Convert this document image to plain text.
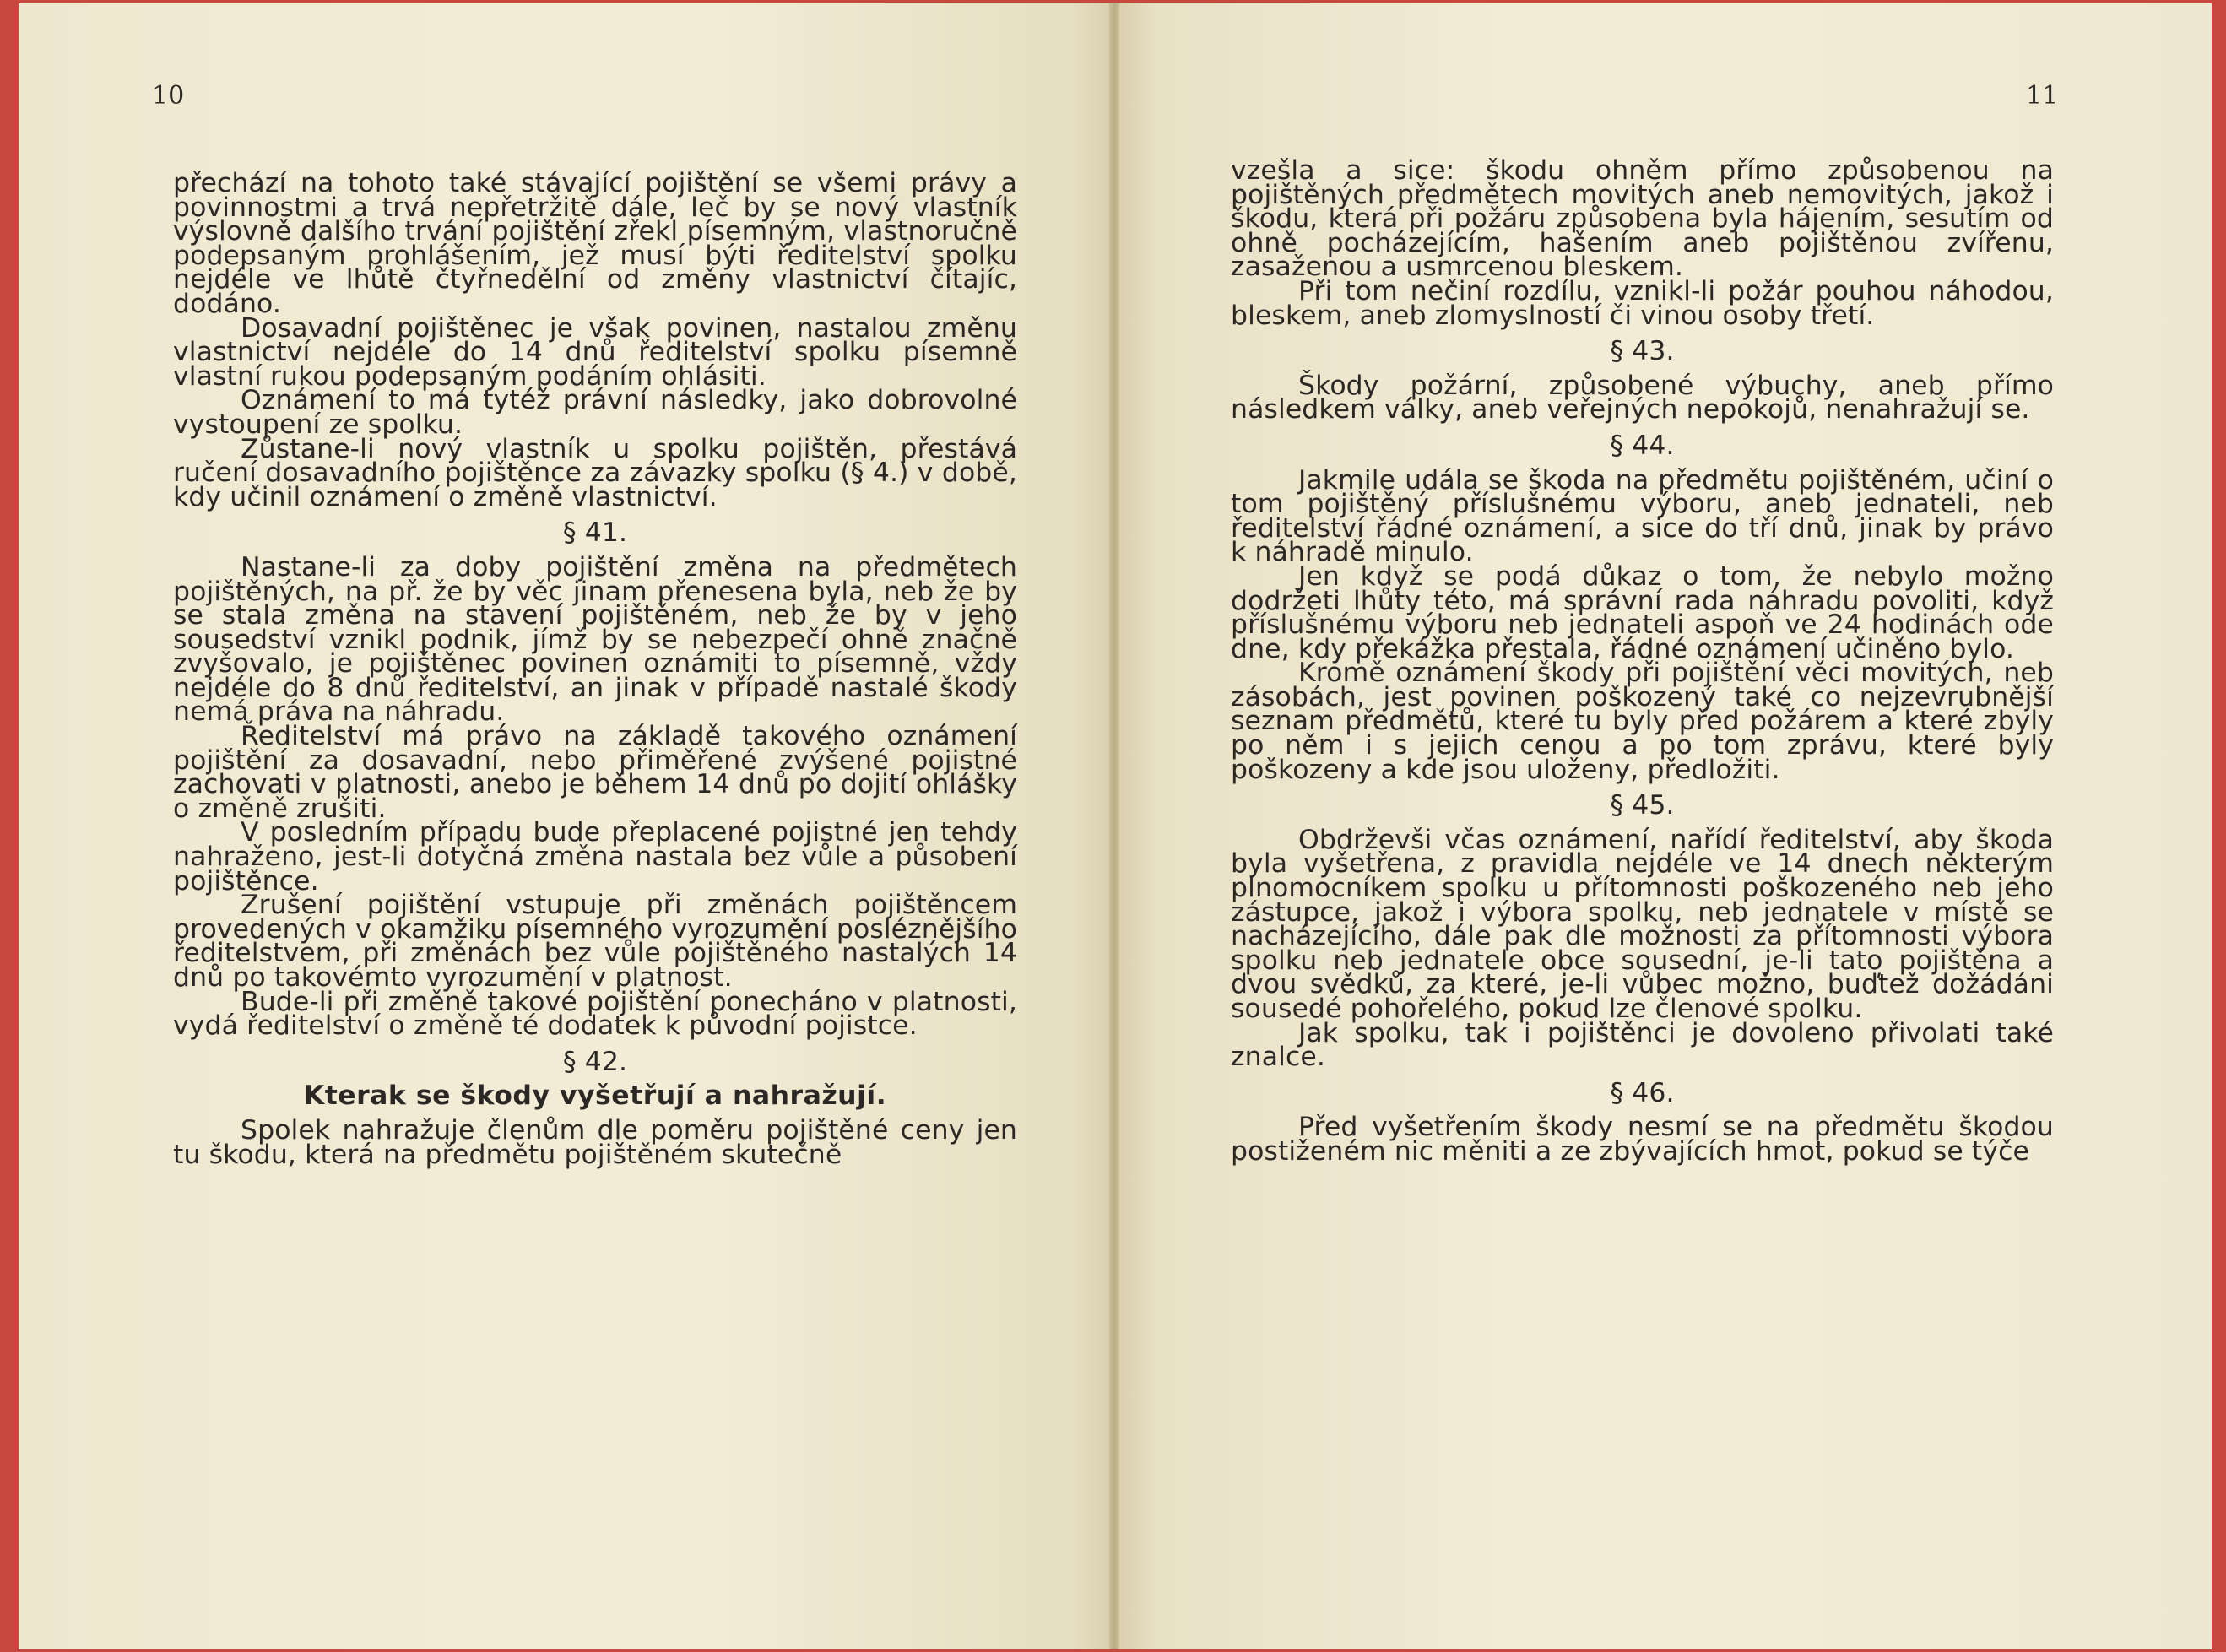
10	11

přechází na tohoto také stávající pojištění se všemi právy a povinnostmi a trvá nepřetržitě dále, leč by se nový vlastník výslovně dalšího trvání pojištění zřekl písemným, vlastnoručně podepsaným prohlášením, jež musí býti ředitelství spolku nejdéle ve lhůtě čtyřnedělní od změny vlastnictví čítajíc, dodáno.

Dosavadní pojištěnec je však povinen, nastalou změnu vlastnictví nejdéle do 14 dnů ředitelství spolku písemně vlastní rukou podepsaným podáním ohlásiti.

Oznámení to má tytéž právní následky, jako dobrovolné vystoupení ze spolku.

Zůstane-li nový vlastník u spolku pojištěn, přestává ručení dosavadního pojištěnce za závazky spolku (§ 4.) v době, kdy učinil oznámení o změně vlastnictví.

§ 41.

Nastane-li za doby pojištění změna na předmětech pojištěných, na př. že by věc jinam přenesena byla, neb že by se stala změna na stavení pojištěném, neb že by v jeho sousedství vznikl podnik, jímž by se nebezpečí ohně značně zvyšovalo, je pojištěnec povinen oznámiti to písemně, vždy nejdéle do 8 dnů ředitelství, an jinak v případě nastalé škody nemá práva na náhradu.

Ředitelství má právo na základě takového oznámení pojištění za dosavadní, nebo přiměřené zvýšené pojistné zachovati v platnosti, anebo je během 14 dnů po dojití ohlášky o změně zrušiti.

V posledním případu bude přeplacené pojistné jen tehdy nahraženo, jest-li dotyčná změna nastala bez vůle a působení pojištěnce.

Zrušení pojištění vstupuje při změnách pojištěncem provedených v okamžiku písemného vyrozumění posléznějšího ředitelstvem, při změnách bez vůle pojištěného nastalých 14 dnů po takovémto vyrozumění v platnost.

Bude-li při změně takové pojištění ponecháno v platnosti, vydá ředitelství o změně té dodatek k původní pojistce.

§ 42.
Kterak se škody vyšetřují a nahražují.

Spolek nahražuje členům dle poměru pojištěné ceny jen tu škodu, která na předmětu pojištěném skutečně

vzešla a sice: škodu ohněm přímo způsobenou na pojištěných předmětech movitých aneb nemovitých, jakož i škodu, která při požáru způsobena byla hájením, sesutím od ohně pocházejícím, hašením aneb pojištěnou zvířenu, zasaženou a usmrcenou bleskem.

Při tom nečiní rozdílu, vznikl-li požár pouhou náhodou, bleskem, aneb zlomyslností či vinou osoby třetí.

§ 43.

Škody požární, způsobené výbuchy, aneb přímo následkem války, aneb veřejných nepokojů, nenahražují se.

§ 44.

Jakmile udála se škoda na předmětu pojištěném, učiní o tom pojištěný příslušnému výboru, aneb jednateli, neb ředitelství řádné oznámení, a sice do tří dnů, jinak by právo k náhradě minulo.

Jen když se podá důkaz o tom, že nebylo možno dodržeti lhůty této, má správní rada náhradu povoliti, když příslušnému výboru neb jednateli aspoň ve 24 hodinách ode dne, kdy překážka přestala, řádné oznámení učiněno bylo.

Kromě oznámení škody při pojištění věci movitých, neb zásobách, jest povinen poškozený také co nejzevrubnější seznam předmětů, které tu byly před požárem a které zbyly po něm i s jejich cenou a po tom zprávu, které byly poškozeny a kde jsou uloženy, předložiti.

§ 45.

Obdrževši včas oznámení, nařídí ředitelství, aby škoda byla vyšetřena, z pravidla nejdéle ve 14 dnech některým plnomocníkem spolku u přítomnosti poškozeného neb jeho zástupce, jakož i výbora spolku, neb jednatele v místě se nacházejícího, dále pak dle možnosti za přítomnosti výbora spolku neb jednatele obce sousední, je-li tato pojištěna a dvou svědků, za které, je-li vůbec možno, buďtež dožádáni sousedé pohořelého, pokud lze členové spolku.

Jak spolku, tak i pojištěnci je dovoleno přivolati také znalce.

§ 46.

Před vyšetřením škody nesmí se na předmětu škodou postiženém nic měniti a ze zbývajících hmot, pokud se týče
